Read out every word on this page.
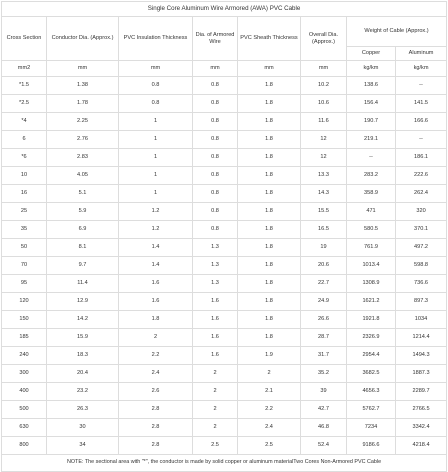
Single Core Aluminum Wire Armored (AWA) PVC Cable							
Cross Section	Conductor Dia. (Approx.)	PVC Insulation Thickness	Dia. of Armored Wire	PVC Sheath Thickness	Overall Dia. (Approx.)	Weight of Cable (Approx.)	
						Copper	Aluminum
mm2	mm	mm	mm	mm	mm	kg/km	kg/km
*1.5	1.38	0.8	0.8	1.8	10.2	138.6	--
*2.5	1.78	0.8	0.8	1.8	10.6	156.4	141.5
*4	2.25	1	0.8	1.8	11.6	190.7	166.6
6	2.76	1	0.8	1.8	12	219.1	--
*6	2.83	1	0.8	1.8	12	--	186.1
10	4.05	1	0.8	1.8	13.3	283.2	222.6
16	5.1	1	0.8	1.8	14.3	358.9	262.4
25	5.9	1.2	0.8	1.8	15.5	471	320
35	6.9	1.2	0.8	1.8	16.5	580.5	370.1
50	8.1	1.4	1.3	1.8	19	761.9	497.2
70	9.7	1.4	1.3	1.8	20.6	1013.4	598.8
95	11.4	1.6	1.3	1.8	22.7	1308.9	736.6
120	12.9	1.6	1.6	1.8	24.9	1621.2	897.3
150	14.2	1.8	1.6	1.8	26.6	1921.8	1034
185	15.9	2	1.6	1.8	28.7	2326.9	1214.4
240	18.3	2.2	1.6	1.9	31.7	2954.4	1494.3
300	20.4	2.4	2	2	35.2	3682.5	1887.3
400	23.2	2.6	2	2.1	39	4656.3	2289.7
500	26.3	2.8	2	2.2	42.7	5762.7	2766.5
630	30	2.8	2	2.4	46.8	7234	3342.4
800	34	2.8	2.5	2.5	52.4	9186.6	4218.4
NOTE: The sectional area with "*", the conductor is made by solid copper or aluminum materialTwo Cores Non-Armored PVC Cable							
